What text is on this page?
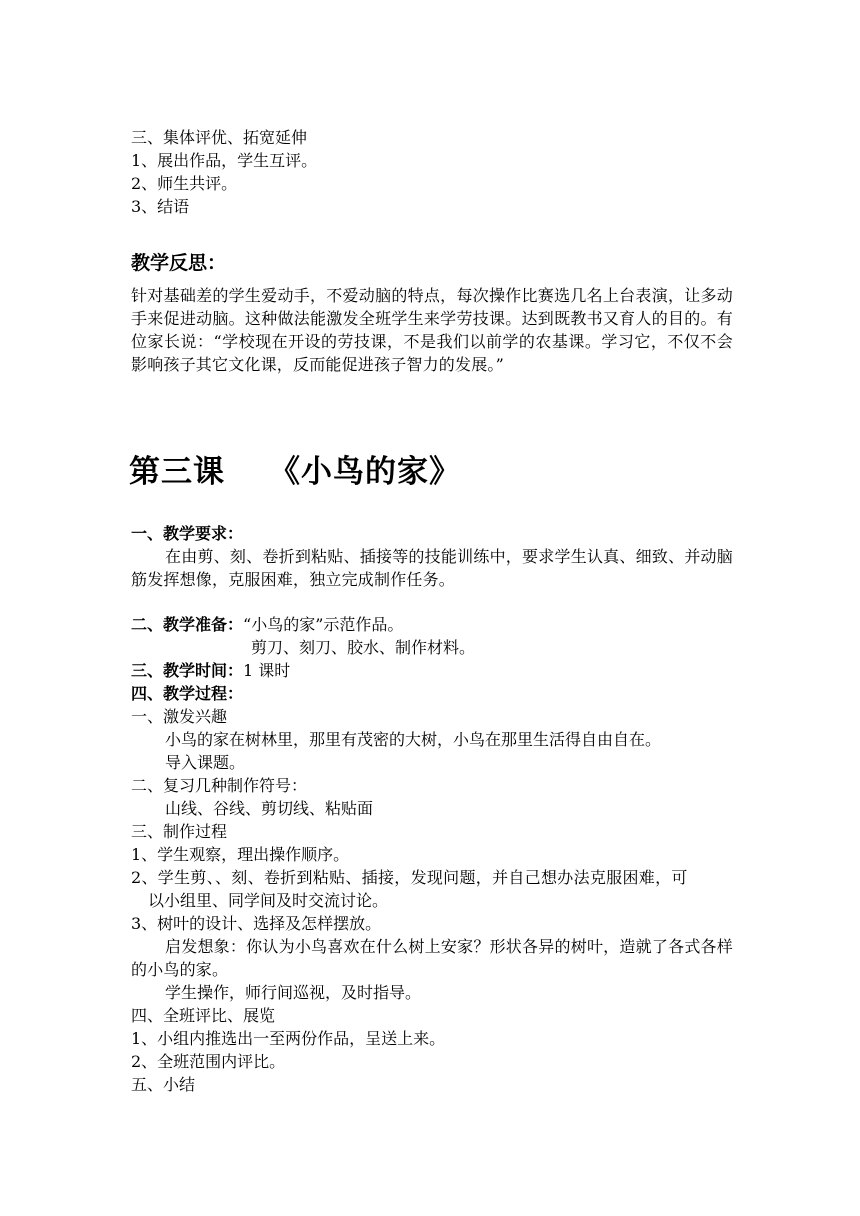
三、集体评优、拓宽延伸
1、展出作品，学生互评。
2、师生共评。
3、结语
教学反思：
针对基础差的学生爱动手，不爱动脑的特点，每次操作比赛选几名上台表演，让多动手来促进动脑。这种做法能激发全班学生来学劳技课。达到既教书又育人的目的。有位家长说：“学校现在开设的劳技课，不是我们以前学的农基课。学习它，不仅不会影响孩子其它文化课，反而能促进孩子智力的发展。”
第三课 《小鸟的家》
一、教学要求：
在由剪、刻、卷折到粘贴、插接等的技能训练中，要求学生认真、细致、并动脑筋发挥想像，克服困难，独立完成制作任务。
二、教学准备：“小鸟的家”示范作品。
剪刀、刻刀、胶水、制作材料。
三、教学时间：1 课时
四、教学过程：
一、激发兴趣
小鸟的家在树林里，那里有茂密的大树，小鸟在那里生活得自由自在。
导入课题。
二、复习几种制作符号：
山线、谷线、剪切线、粘贴面
三、制作过程
1、学生观察，理出操作顺序。
2、学生剪、、刻、卷折到粘贴、插接，发现问题，并自己想办法克服困难，可
以小组里、同学间及时交流讨论。
3、树叶的设计、选择及怎样摆放。
启发想象：你认为小鸟喜欢在什么树上安家？形状各异的树叶，造就了各式各样的小鸟的家。
学生操作，师行间巡视，及时指导。
四、全班评比、展览
1、小组内推选出一至两份作品，呈送上来。
2、全班范围内评比。
五、小结
